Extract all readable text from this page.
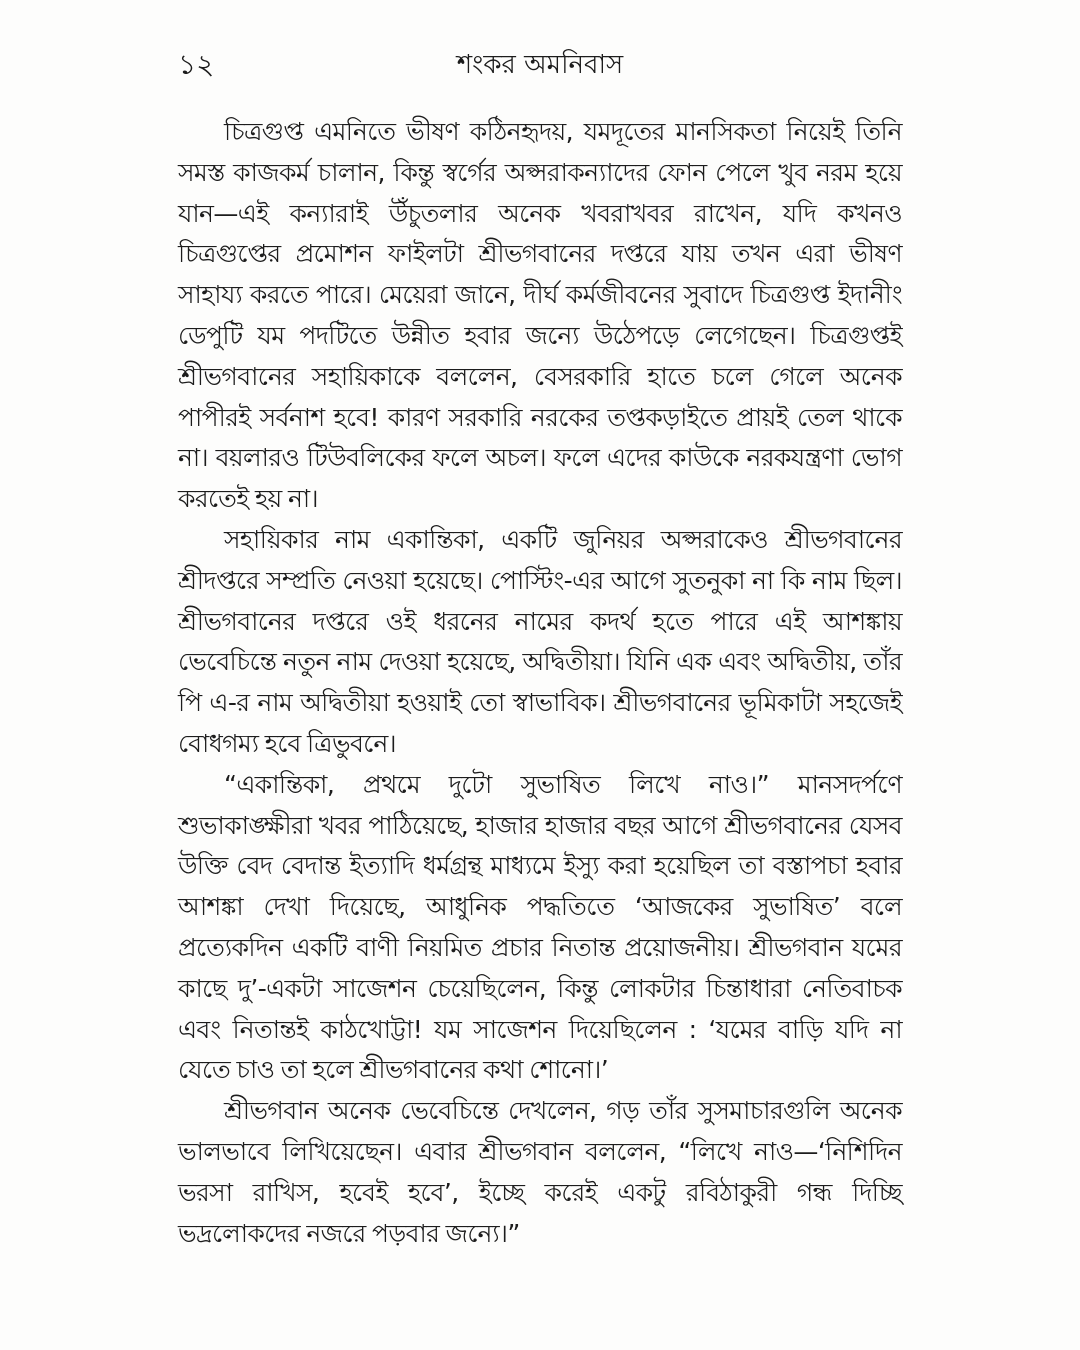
১২	শংকর অমনিবাস

চিত্রগুপ্ত এমনিতে ভীষণ কঠিনহৃদয়, যমদূতের মানসিকতা নিয়েই তিনি সমস্ত কাজকর্ম চালান, কিন্তু স্বর্গের অপ্সরাকন্যাদের ফোন পেলে খুব নরম হয়ে যান—এই কন্যারাই উঁচুতলার অনেক খবরাখবর রাখেন, যদি কখনও চিত্রগুপ্তের প্রমোশন ফাইলটা শ্রীভগবানের দপ্তরে যায় তখন এরা ভীষণ সাহায্য করতে পারে। মেয়েরা জানে, দীর্ঘ কর্মজীবনের সুবাদে চিত্রগুপ্ত ইদানীং ডেপুটি যম পদটিতে উন্নীত হবার জন্যে উঠেপড়ে লেগেছেন। চিত্রগুপ্তই শ্রীভগবানের সহায়িকাকে বললেন, বেসরকারি হাতে চলে গেলে অনেক পাপীরই সর্বনাশ হবে! কারণ সরকারি নরকের তপ্তকড়াইতে প্রায়ই তেল থাকে না। বয়লারও টিউবলিকের ফলে অচল। ফলে এদের কাউকে নরকযন্ত্রণা ভোগ করতেই হয় না।

সহায়িকার নাম একান্তিকা, একটি জুনিয়র অপ্সরাকেও শ্রীভগবানের শ্রীদপ্তরে সম্প্রতি নেওয়া হয়েছে। পোস্টিং-এর আগে সুতনুকা না কি নাম ছিল। শ্রীভগবানের দপ্তরে ওই ধরনের নামের কদর্থ হতে পারে এই আশঙ্কায় ভেবেচিন্তে নতুন নাম দেওয়া হয়েছে, অদ্বিতীয়া। যিনি এক এবং অদ্বিতীয়, তাঁর পি এ-র নাম অদ্বিতীয়া হওয়াই তো স্বাভাবিক। শ্রীভগবানের ভূমিকাটা সহজেই বোধগম্য হবে ত্রিভুবনে।

“একান্তিকা, প্রথমে দুটো সুভাষিত লিখে নাও।” মানসদর্পণে শুভাকাঙ্ক্ষীরা খবর পাঠিয়েছে, হাজার হাজার বছর আগে শ্রীভগবানের যেসব উক্তি বেদ বেদান্ত ইত্যাদি ধর্মগ্রন্থ মাধ্যমে ইস্যু করা হয়েছিল তা বস্তাপচা হবার আশঙ্কা দেখা দিয়েছে, আধুনিক পদ্ধতিতে ‘আজকের সুভাষিত’ বলে প্রত্যেকদিন একটি বাণী নিয়মিত প্রচার নিতান্ত প্রয়োজনীয়। শ্রীভগবান যমের কাছে দু’-একটা সাজেশন চেয়েছিলেন, কিন্তু লোকটার চিন্তাধারা নেতিবাচক এবং নিতান্তই কাঠখোট্টা! যম সাজেশন দিয়েছিলেন : ‘যমের বাড়ি যদি না যেতে চাও তা হলে শ্রীভগবানের কথা শোনো।’

শ্রীভগবান অনেক ভেবেচিন্তে দেখলেন, গড় তাঁর সুসমাচারগুলি অনেক ভালভাবে লিখিয়েছেন। এবার শ্রীভগবান বললেন, “লিখে নাও—‘নিশিদিন ভরসা রাখিস, হবেই হবে’, ইচ্ছে করেই একটু রবিঠাকুরী গন্ধ দিচ্ছি ভদ্রলোকদের নজরে পড়বার জন্যে।”
